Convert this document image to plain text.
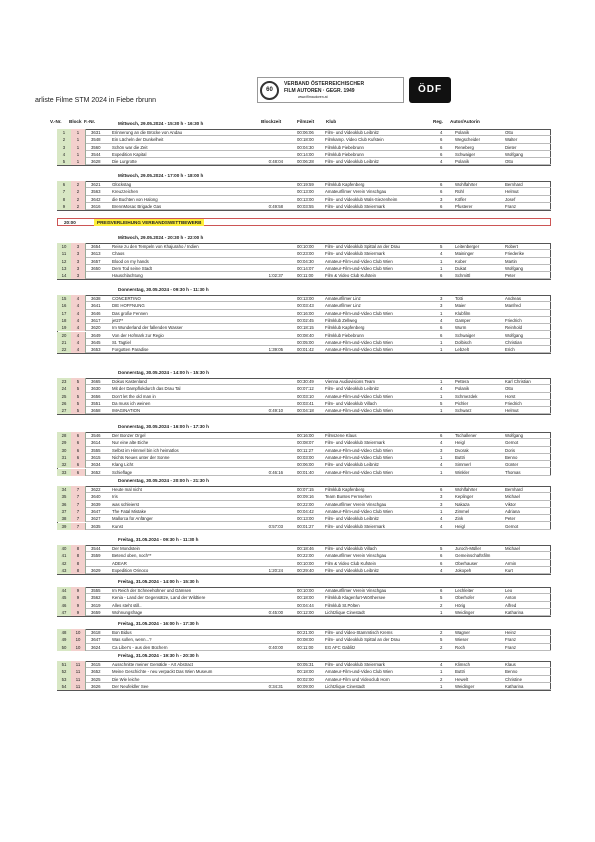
60
VERBAND ÖSTERREICHISCHER
FILM AUTOREN · GEGR. 1949
www.filmautoren.at
ÖDF
arliste Filme STM 2024 in Fiebe rbrunn
V.-Nr. Block F.-Nr.	Blockzeit	Filmzeit	Klub	Reg. Autor/Autorin
Mittwoch, 29.05.2024 - 15:30 h - 16:30 h
1	1	3631	Erinnerung an die Brücke von Andau	00:06:06	Film- und Videoklub Leibnitz	4	Polanik	Otto
2	1	3548	Ein Lächeln der Dunkelheit	00:18:00	Filmkamp. Video Club Kufstein	6	Wegscheider	Walter
3	1	3560	Schön war die Zeit	00:04:30	Filmklub Fiebebrunn	6	Reneberg	Dieter
4	1	3544	Expedition Kapital	00:14:00	Filmklub Fiebebrunn	6	Schwaiger	Wolfgang
5	1	3628	Die Lurgrotte	0:48:04	00:06:28	Film- und Videoklub Leibnitz	4	Polanik	Otto
Mittwoch, 29.05.2024 - 17:00 h - 18:00 h
6	2	3621	Glückstag	00:19:59	Filmklub Kapfenberg	6	Wohlfahrter	Bernhard
7	2	3563	Kreuzzeichen	00:13:00	Amateurfilmer Verein Vinschgau	6	Rühl	Helmut
8	2	3642	die Buchten von Halong	00:13:00	Film- und Videoklub Wals-Siezenheim	3	Köfler	Josef
9	2	3616	BrennMosac Brigade Gas	0:49:58	00:03:55	Film- und Videoklub Steiermark	6	Pfusterer	Franz
20:00	PREISVERLEIHUNG VERBANDSWETTBEWERB
Mittwoch, 29.05.2024 - 20:30 h - 22:00 h
10	3	3654	Reise zu den Tempeln von Khajuraho / Indien	00:10:00	Film- und Videoklub Spittal an der Drau	5	Leitenberger	Robert
11	3	3613	Chaos	00:23:00	Film- und Videoklub Steiermark	4	Maininger	Friederike
12	3	3657	Blood on my hands	00:04:30	Amateur-Film-und-Video Club Wien	1	Kober	Martin
13	3	3650	Dem Tod seine Stadt	00:14:07	Amateur-Film-und-Video Club Wien	1	Dukat	Wolfgang
14	3	Hauschlachtung	1:02:37	00:11:00	Film & Video Club Kufstein	6	Schmittl	Peter
Donnerstag, 30.05.2024 - 09:30 h - 11:30 h
15	4	3638	CONCERTINO	00:13:00	Amateurfilmer Linz	3	Totti	Andreas
16	4	3641	DIE HOFFNUNG	00:03:43	Amateurfilmer Linz	3	Maier	Manfred
17	4	3646	Das große Fennen	00:16:00	Amateur-Film-und-Video Club Wien	1	Klubfilm
18	4	3617	jetzt**	00:02:45	Filmklub Zellweg	4	Gamper	Friedrich
19	4	3620	Im Wunderland der fallenden Wasser	00:18:15	Filmklub Kapfenberg	6	Wurm	Reinhold
20	4	3649	Von der Hofmark zur Regio	00:08:40	Filmklub Fiebebrunn	6	Schwaiger	Wolfgang
21	4	3645	St. Tagtiel	00:05:00	Amateur-Film-und-Video Club Wien	1	Dolbisch	Christian
22	4	3653	Forgotten Paradise	1:39:05	00:01:42	Amateur-Film-und-Video Club Wien	1	Lebzelt	Erich
Donnerstag, 30.05.2024 - 14:00 h - 15:30 h
23	5	3665	Dokus Kastenland	00:30:49	Vienna Audiovisions Team	1	Pettera	Karl Christian
24	5	3630	Mit der Dampflokdurch das Drau Tal	00:07:12	Film- und Videoklub Leibnitz	4	Polanik	Otto
25	5	3656	Don't let the old man in	00:03:10	Amateur-Film-und-Video Club Wien	1	Schmezdek	Horst
26	5	3551	Da muss ich weinen	00:03:41	Film- und Videoklub Villach	5	Pichler	Friedrich
27	5	3658	IMAGINATION	0:49:10	00:04:18	Amateur-Film-und-Video Club Wien	1	Schwarz	Helmut
Donnerstag, 30.05.2024 - 16:00 h - 17:30 h
28	6	3546	Der Bonzer Orgel	00:16:00	Filmszene Klaus	6	Tschallener	Wolfgang
29	6	3614	Nur eine alte Eiche	00:08:07	Film- und Videoklub Steiermark	4	Heigl	Gernot
30	6	3555	Selbst im Himmel bin ich heimatlos	00:11:27	Amateur-Film-und-Video Club Wien	3	Dvorak	Doris
31	6	3615	Nichts Neues unter der Sonne	00:03:00	Amateur-Film-und-Video Club Wien	1	Buttri	Benno
32	6	3634	Klang Licht	00:06:00	Film- und Videoklub Leibnitz	4	Simmerl	Günter
33	6	3652	Schieflage	0:46:16	00:01:40	Amateur-Film-und-Video Club Wien	1	Winkler	Thomas
Donnerstag, 30.05.2024 - 20:00 h - 21:30 h
34	7	3622	Heute mal nicht	00:07:15	Filmklub Kapfenberg	6	Wohlfahrter	Bernhard
35	7	3640	Iris	00:09:16	Team Buntes Fernsehen	3	Keplinger	Michael
36	7	3639	was schleierst	00:22:00	Amateurfilmer Verein Vinschgau	3	Nakaza	Viktor
37	7	3647	The Fatal Mistake	00:04:42	Amateur-Film-und-Video Club Wien	1	Zimmel	Adriana
38	7	3627	Mallorca für Anfänger	00:13:00	Film- und Videoklub Leibnitz	4	Zink	Peter
39	7	3635	Kunst	0:57:03	00:01:27	Film- und Videoklub Steiermark	4	Heigl	Gernot
Freitag, 31.05.2024 - 09:30 h - 11:30 h
40	8	3544	Der Mondstein	00:18:46	Film- und Videoklub Villach	5	Juroch-Müller	Michael
41	8	3559	Betend oben, noch**	00:22:00	Amateurfilmer Verein Vinschgau	6	Gemeinschaftsfilm
42	8	ADEAR	00:10:00	Film & Video Club Kufstein	6	Oberhauser	Armin
43	8	3629	Expedition Orinoco	1:20:24	00:29:40	Film- und Videoklub Leibnitz	4	Jokopeh	Kurt
Freitag, 31.05.2024 - 14:00 h - 15:30 h
44	9	3555	Im Reich der Schneehühner und Gämsen	00:10:00	Amateurfilmer Verein Vinschgau	6	Lechleiter	Leo
45	9	3562	Kenia - Land der Gegensätze, Land der Wildtiere	00:18:00	Filmklub Klagenfurt-Wörthersee	5	Oberhofer	Anton
46	9	3619	Alles steht still..	00:04:44	Filmklub St.Pölten	2	Hörig	Alfred
47	9	3659	Wohnungsfrage	0:45:00	00:12:00	Lichtzlique Cinestadt	1	Weidinger	Katharina
Freitag, 31.05.2024 - 16:00 h - 17:30 h
48	10	3618	Bon Bidus	00:21:00	Film- und Video-Stammtisch Krems	2	Wagner	Heinz
49	10	3647	Was sollen, wenn...?	00:08:00	Film- und Videoklub Spittal an der Drau	5	Wieser	Franz
50	10	3624	Ca Liber's - aus den Büchern	0:40:00	00:11:00	EG AFC Gablitz	2	Roch	Franz
Freitag, 31.05.2024 - 19:30 h - 20:30 h
51	11	3615	Ausschnitte meiner Gemälde - Art Abstract	00:05:31	Film- und Videoklub Steiermark	4	Klimsch	Klaus
52	11	3652	Meine Geschichte - neu verpackt Das Wien Museum	00:18:00	Amateur-Film-und-Video Club Wien	1	Buttri	Benno
53	11	3625	Die Wie leiche	00:02:00	Amateur-Film und Videoclub Horn	2	Hewelt	Christine
54	11	3626	Der Neufeldler See	0:34:31	00:09:00	Lichtzlique Cinestadt	1	Weidinger	Katharina
